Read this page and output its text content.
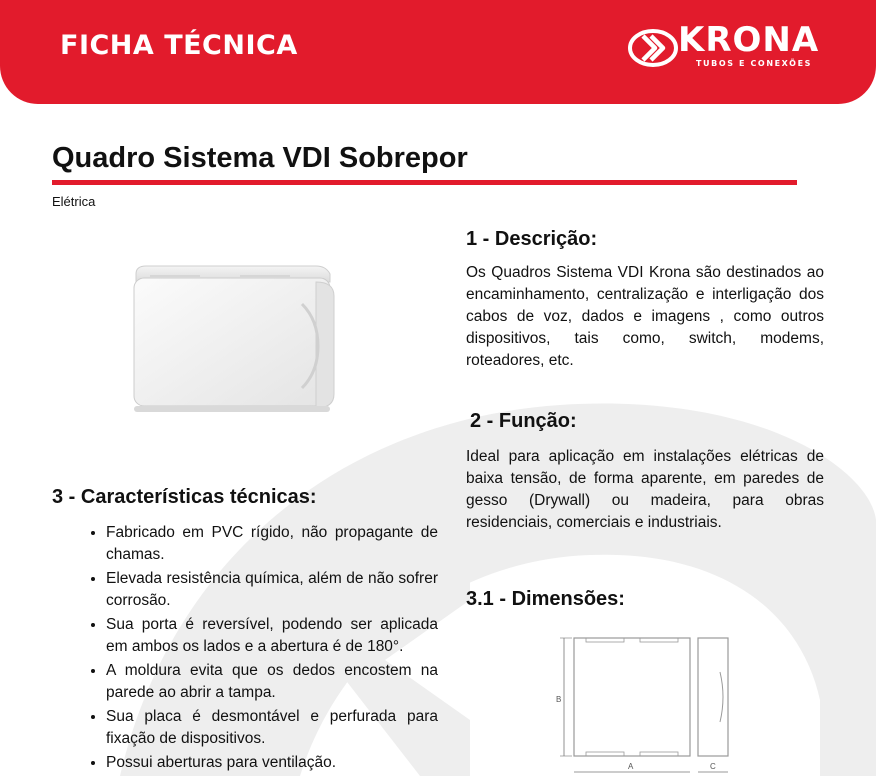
FICHA TÉCNICA	KRONA
TUBOS E CONEXÕES
Quadro Sistema VDI Sobrepor
Elétrica
1 - Descrição:
Os Quadros Sistema VDI Krona são destinados ao encaminhamento, centralização e interligação dos cabos de voz, dados e imagens , como outros dispositivos, tais como, switch, modems, roteadores, etc.
2 - Função:
Ideal para aplicação em instalações elétricas de baixa tensão, de forma aparente, em paredes de gesso (Drywall) ou madeira, para obras residenciais, comerciais e industriais.
3 - Características técnicas:
• Fabricado em PVC rígido, não propagante de chamas.
• Elevada resistência química, além de não sofrer corrosão.
• Sua porta é reversível, podendo ser aplicada em ambos os lados e a abertura é de 180°.
• A moldura evita que os dedos encostem na parede ao abrir a tampa.
• Sua placa é desmontável e perfurada para fixação de dispositivos.
• Possui aberturas para ventilação.
3.1 - Dimensões:
B
A	C
